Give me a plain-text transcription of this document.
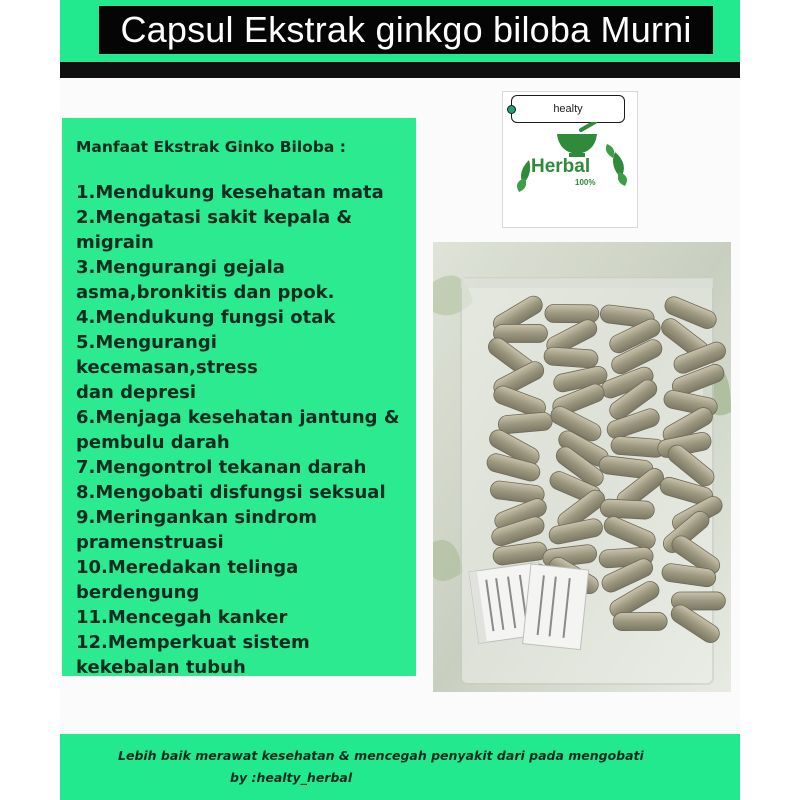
Capsul Ekstrak ginkgo biloba Murni
Manfaat Ekstrak Ginko Biloba :
1.Mendukung kesehatan mata
2.Mengatasi sakit kepala &
migrain
3.Mengurangi gejala
asma,bronkitis dan ppok.
4.Mendukung fungsi otak
5.Mengurangi kecemasan,stress
dan depresi
6.Menjaga kesehatan jantung &
pembulu darah
7.Mengontrol tekanan darah
8.Mengobati disfungsi seksual
9.Meringankan sindrom
pramenstruasi
10.Meredakan telinga
berdengung
11.Mencegah kanker
12.Memperkuat sistem
kekebalan tubuh
healty
Herbal
100%
Lebih baik merawat kesehatan & mencegah penyakit dari pada mengobati
by :healty_herbal
